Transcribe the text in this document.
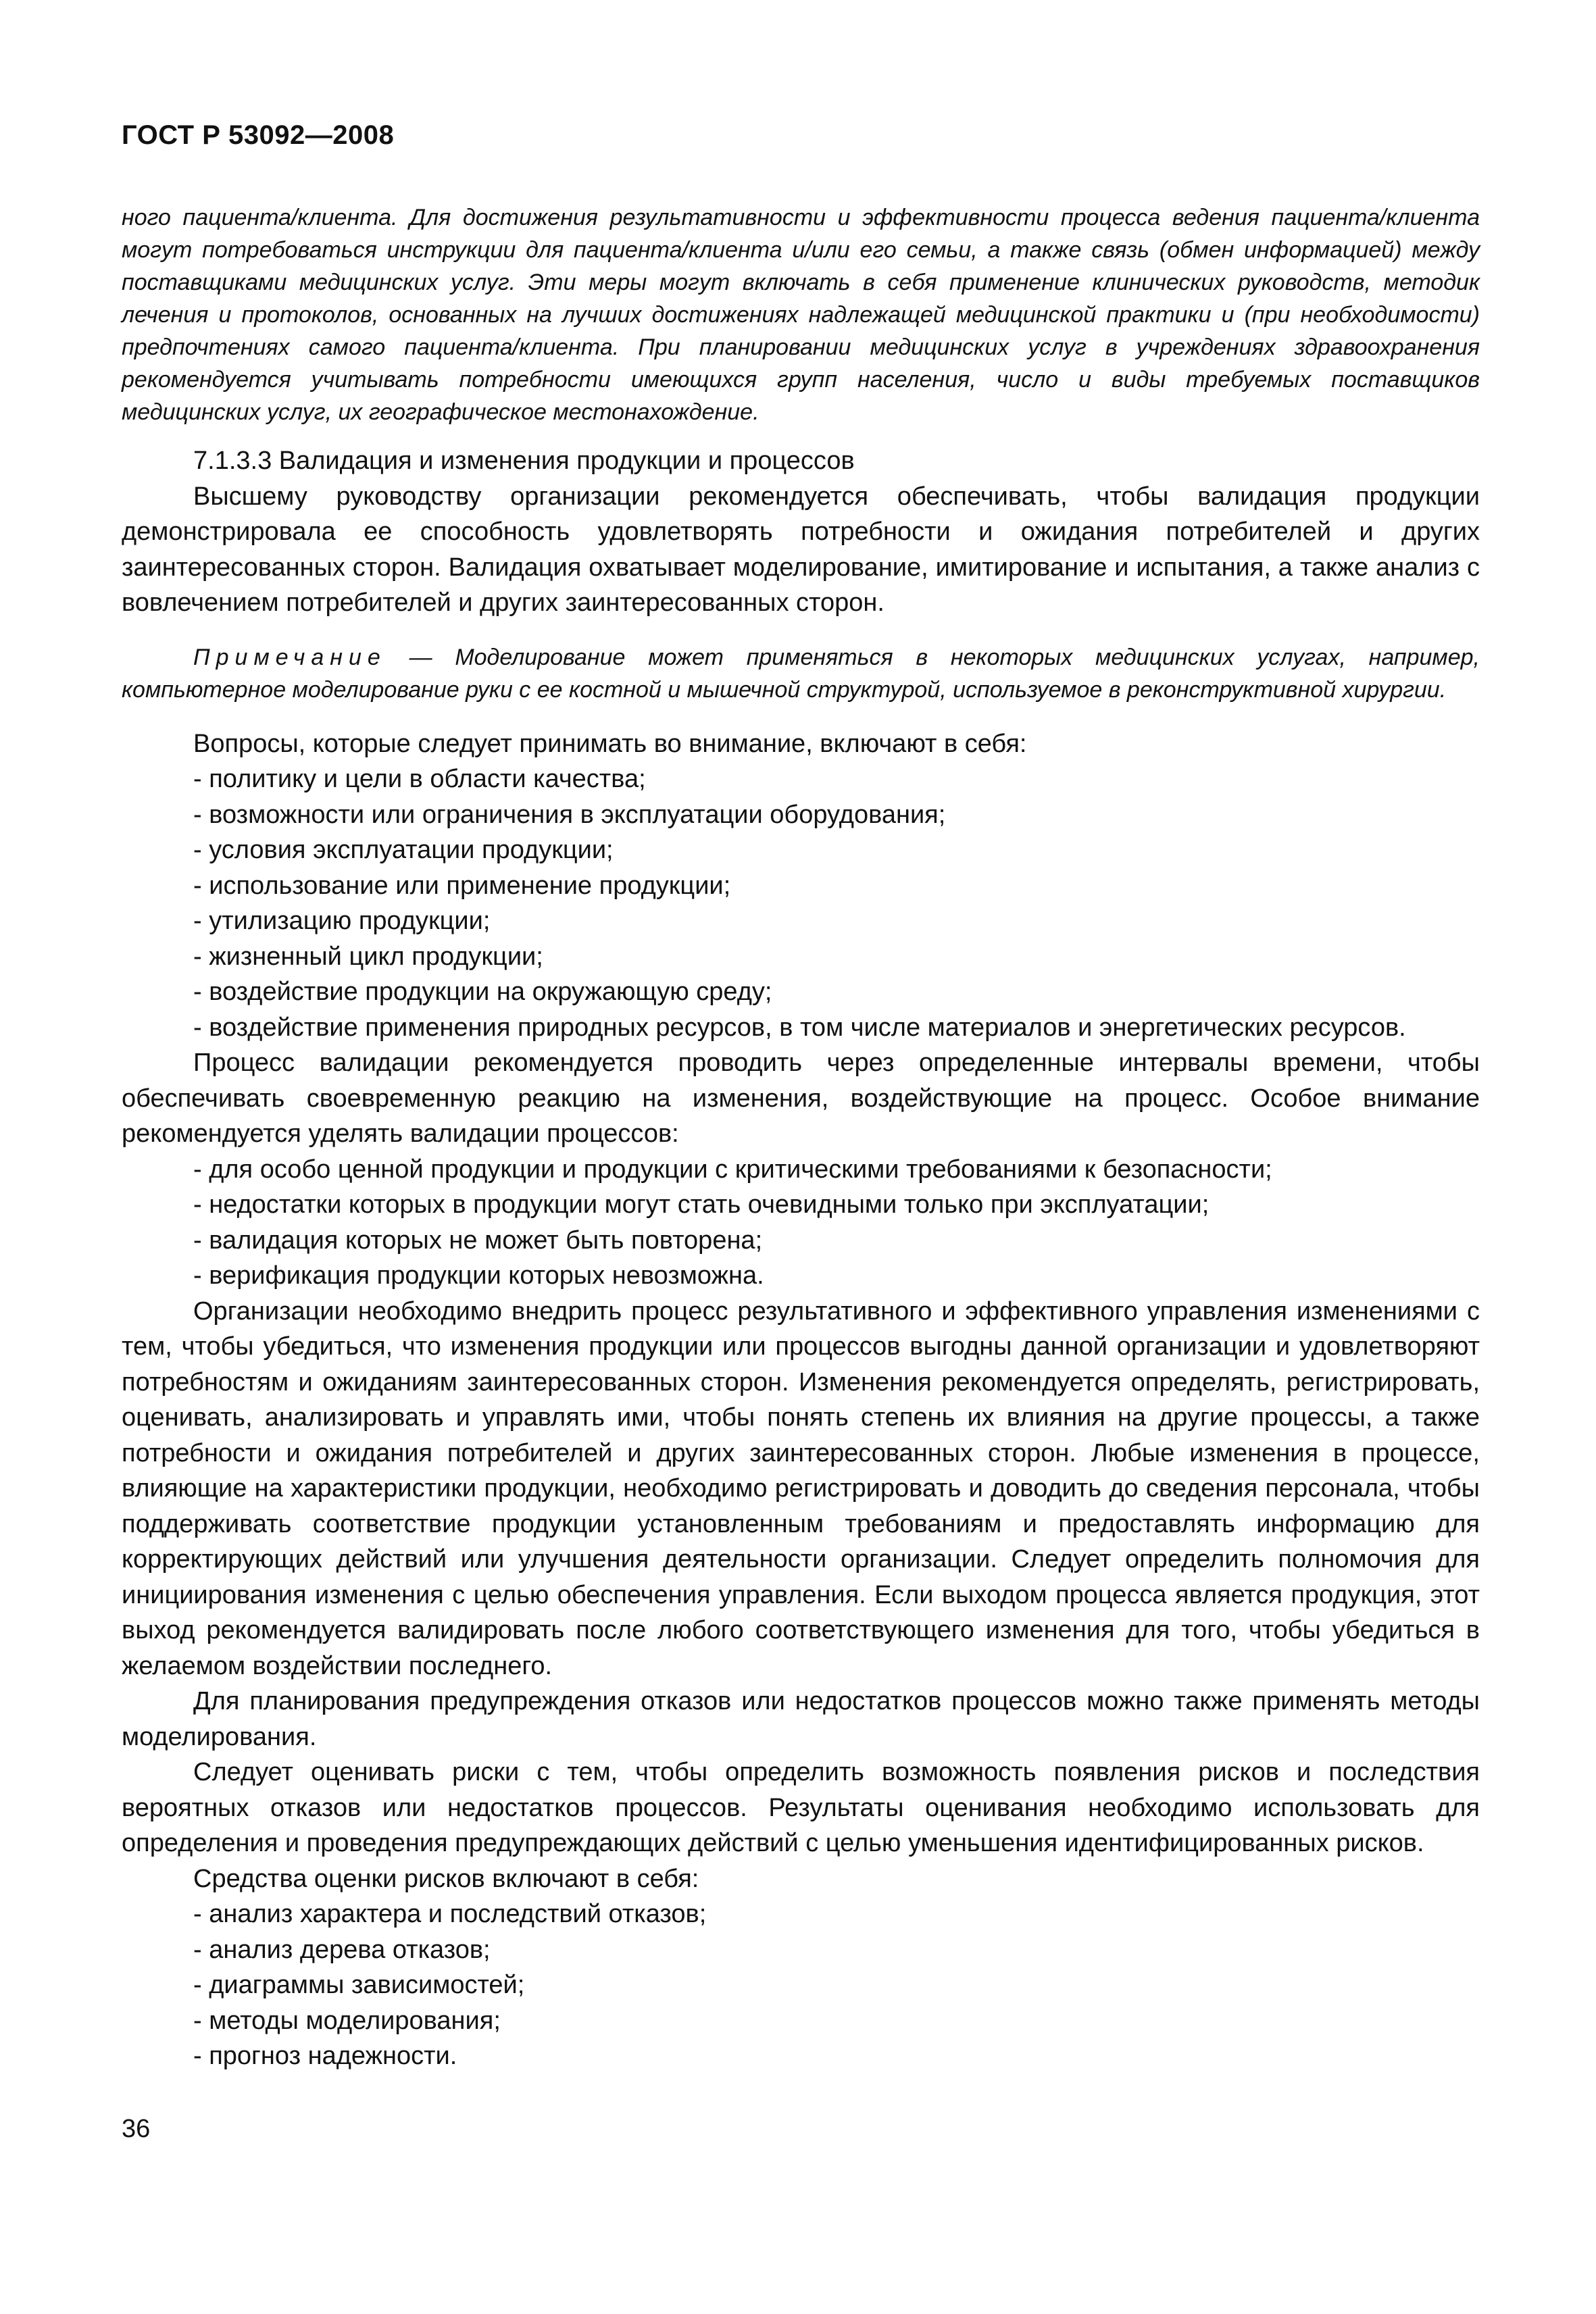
ГОСТ Р 53092—2008

ного пациента/клиента. Для достижения результативности и эффективности процесса ведения пациента/клиента могут потребоваться инструкции для пациента/клиента и/или его семьи, а также связь (обмен информацией) между поставщиками медицинских услуг. Эти меры могут включать в себя применение клинических руководств, методик лечения и протоколов, основанных на лучших достижениях надлежащей медицинской практики и (при необходимости) предпочтениях самого пациента/клиента. При планировании медицинских услуг в учреждениях здравоохранения рекомендуется учитывать потребности имеющихся групп населения, число и виды требуемых поставщиков медицинских услуг, их географическое местонахождение.

7.1.3.3 Валидация и изменения продукции и процессов

Высшему руководству организации рекомендуется обеспечивать, чтобы валидация продукции демонстрировала ее способность удовлетворять потребности и ожидания потребителей и других заинтересованных сторон. Валидация охватывает моделирование, имитирование и испытания, а также анализ с вовлечением потребителей и других заинтересованных сторон.

Примечание — Моделирование может применяться в некоторых медицинских услугах, например, компьютерное моделирование руки с ее костной и мышечной структурой, используемое в реконструктивной хирургии.

Вопросы, которые следует принимать во внимание, включают в себя:

- политику и цели в области качества;

- возможности или ограничения в эксплуатации оборудования;

- условия эксплуатации продукции;

- использование или применение продукции;

- утилизацию продукции;

- жизненный цикл продукции;

- воздействие продукции на окружающую среду;

- воздействие применения природных ресурсов, в том числе материалов и энергетических ресурсов.

Процесс валидации рекомендуется проводить через определенные интервалы времени, чтобы обеспечивать своевременную реакцию на изменения, воздействующие на процесс. Особое внимание рекомендуется уделять валидации процессов:

- для особо ценной продукции и продукции с критическими требованиями к безопасности;

- недостатки которых в продукции могут стать очевидными только при эксплуатации;

- валидация которых не может быть повторена;

- верификация продукции которых невозможна.

Организации необходимо внедрить процесс результативного и эффективного управления изменениями с тем, чтобы убедиться, что изменения продукции или процессов выгодны данной организации и удовлетворяют потребностям и ожиданиям заинтересованных сторон. Изменения рекомендуется определять, регистрировать, оценивать, анализировать и управлять ими, чтобы понять степень их влияния на другие процессы, а также потребности и ожидания потребителей и других заинтересованных сторон. Любые изменения в процессе, влияющие на характеристики продукции, необходимо регистрировать и доводить до сведения персонала, чтобы поддерживать соответствие продукции установленным требованиям и предоставлять информацию для корректирующих действий или улучшения деятельности организации. Следует определить полномочия для инициирования изменения с целью обеспечения управления. Если выходом процесса является продукция, этот выход рекомендуется валидировать после любого соответствующего изменения для того, чтобы убедиться в желаемом воздействии последнего.

Для планирования предупреждения отказов или недостатков процессов можно также применять методы моделирования.

Следует оценивать риски с тем, чтобы определить возможность появления рисков и последствия вероятных отказов или недостатков процессов. Результаты оценивания необходимо использовать для определения и проведения предупреждающих действий с целью уменьшения идентифицированных рисков.

Средства оценки рисков включают в себя:

- анализ характера и последствий отказов;

- анализ дерева отказов;

- диаграммы зависимостей;

- методы моделирования;

- прогноз надежности.

36
